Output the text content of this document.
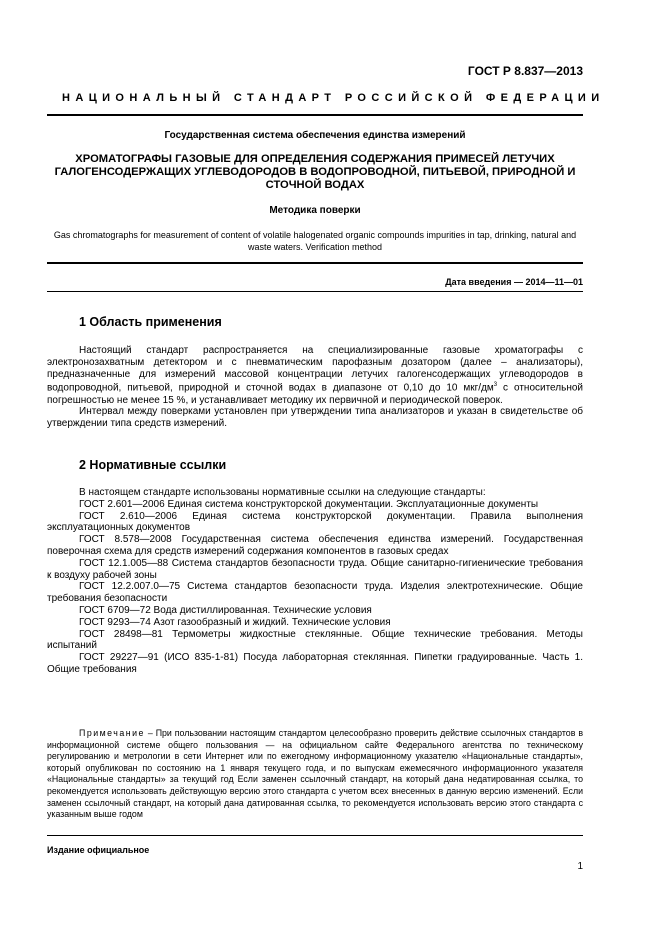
ГОСТ Р 8.837—2013
НАЦИОНАЛЬНЫЙ СТАНДАРТ РОССИЙСКОЙ ФЕДЕРАЦИИ
Государственная система обеспечения единства измерений
ХРОМАТОГРАФЫ ГАЗОВЫЕ ДЛЯ ОПРЕДЕЛЕНИЯ СОДЕРЖАНИЯ ПРИМЕСЕЙ ЛЕТУЧИХ ГАЛОГЕНСОДЕРЖАЩИХ УГЛЕВОДОРОДОВ В ВОДОПРОВОДНОЙ, ПИТЬЕВОЙ, ПРИРОДНОЙ И СТОЧНОЙ ВОДАХ
Методика поверки
Gas chromatographs for measurement of content of volatile halogenated organic compounds impurities in tap, drinking, natural and waste waters. Verification method
Дата введения — 2014—11—01
1 Область применения

Настоящий стандарт распространяется на специализированные газовые хроматографы с электронозахватным детектором и с пневматическим парофазным дозатором (далее – анализаторы), предназначенные для измерений массовой концентрации летучих галогенсодержащих углеводородов в водопроводной, питьевой, природной и сточной водах в диапазоне от 0,10 до 10 мкг/$дм^3$ с относительной погрешностью не менее 15 %, и устанавливает методику их первичной и периодической поверок.

Интервал между поверками установлен при утверждении типа анализаторов и указан в свидетельстве об утверждении типа средств измерений.

2 Нормативные ссылки

В настоящем стандарте использованы нормативные ссылки на следующие стандарты:

ГОСТ 2.601—2006 Единая система конструкторской документации. Эксплуатационные документы

ГОСТ 2.610—2006 Единая система конструкторской документации. Правила выполнения эксплуатационных документов

ГОСТ 8.578—2008 Государственная система обеспечения единства измерений. Государственная поверочная схема для средств измерений содержания компонентов в газовых средах

ГОСТ 12.1.005—88 Система стандартов безопасности труда. Общие санитарно-гигиенические требования к воздуху рабочей зоны

ГОСТ 12.2.007.0—75 Система стандартов безопасности труда. Изделия электротехнические. Общие требования безопасности

ГОСТ 6709—72 Вода дистиллированная. Технические условия

ГОСТ 9293—74 Азот газообразный и жидкий. Технические условия

ГОСТ 28498—81 Термометры жидкостные стеклянные. Общие технические требования. Методы испытаний

ГОСТ 29227—91 (ИСО 835-1-81) Посуда лабораторная стеклянная. Пипетки градуированные. Часть 1. Общие требования

Примечание – При пользовании настоящим стандартом целесообразно проверить действие ссылочных стандартов в информационной системе общего пользования — на официальном сайте Федерального агентства по техническому регулированию и метрологии в сети Интернет или по ежегодному информационному указателю «Национальные стандарты», который опубликован по состоянию на 1 января текущего года, и по выпускам ежемесячного информационного указателя «Национальные стандарты» за текущий год Если заменен ссылочный стандарт, на который дана недатированная ссылка, то рекомендуется использовать действующую версию этого стандарта с учетом всех внесенных в данную версию изменений. Если заменен ссылочный стандарт, на который дана датированная ссылка, то рекомендуется использовать версию этого стандарта с указанным выше годом
Издание официальное
1
